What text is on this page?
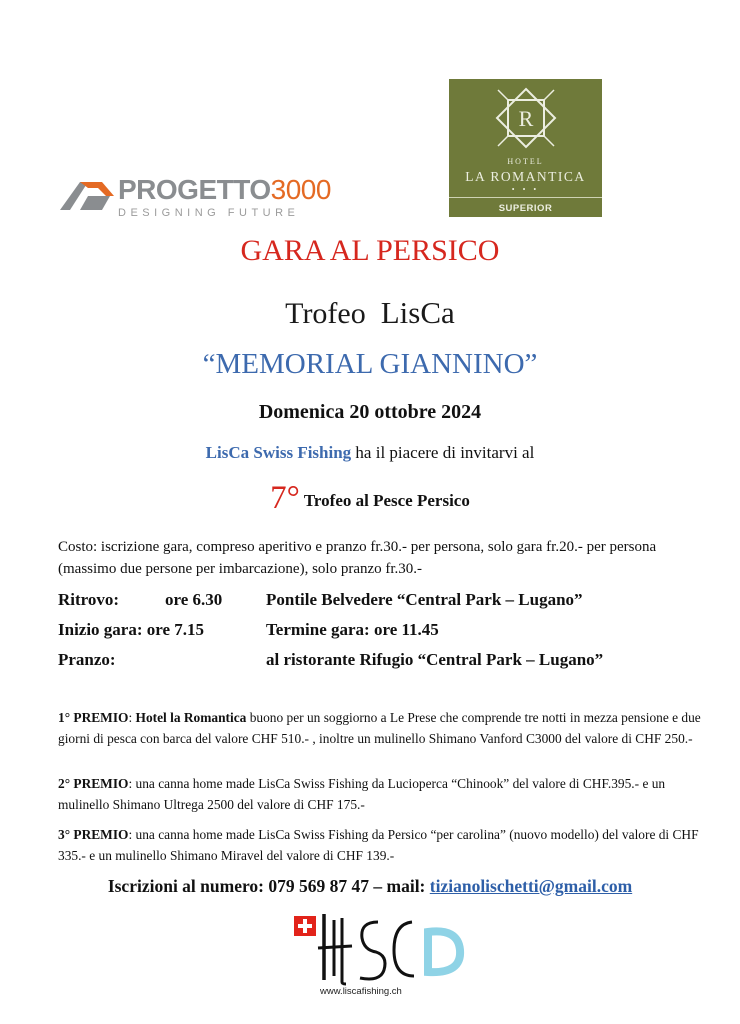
PROGETTO3000
DESIGNING FUTURE
R
HOTEL
LA ROMANTICA
• • •
SUPERIOR
GARA AL PERSICO
Trofeo LisCa
“MEMORIAL GIANNINO”
Domenica 20 ottobre 2024
LisCa Swiss Fishing ha il piacere di invitarvi al
7° Trofeo al Pesce Persico
Costo: iscrizione gara, compreso aperitivo e pranzo fr.30.- per persona, solo gara fr.20.- per persona (massimo due persone per imbarcazione), solo pranzo fr.30.-
Ritrovo:	ore 6.30	Pontile Belvedere “Central Park – Lugano”
Inizio gara: ore 7.15	Termine gara: ore 11.45
Pranzo:	al ristorante Rifugio “Central Park – Lugano”
1° PREMIO: Hotel la Romantica buono per un soggiorno a Le Prese che comprende tre notti in mezza pensione e due giorni di pesca con barca del valore CHF 510.- , inoltre un mulinello Shimano Vanford C3000 del valore di CHF 250.-
2° PREMIO: una canna home made LisCa Swiss Fishing da Lucioperca “Chinook” del valore di CHF.395.- e un mulinello Shimano Ultrega 2500 del valore di CHF 175.-
3° PREMIO: una canna home made LisCa Swiss Fishing da Persico “per carolina” (nuovo modello) del valore di CHF 335.- e un mulinello Shimano Miravel del valore di CHF 139.-
Iscrizioni al numero: 079 569 87 47 – mail: tizianolischetti@gmail.com
www.liscafishing.ch
